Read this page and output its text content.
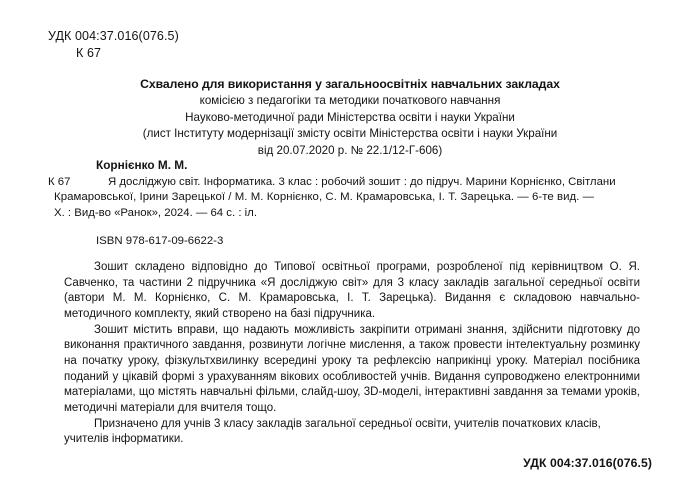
УДК 004:37.016(076.5)
К 67
Схвалено для використання у загальноосвітніх навчальних закладах
комісією з педагогіки та методики початкового навчання
Науково-методичної ради Міністерства освіти і науки України
(лист Інституту модернізації змісту освіти Міністерства освіти і науки України
від 20.07.2020 р. № 22.1/12-Г-606)
Корнієнко М. М.
К 67	Я досліджую світ. Інформатика. 3 клас : робочий зошит : до підруч. Марини Корнієнко, Світлани
Крамаровської, Ірини Зарецької / М. М. Корнієнко, С. М. Крамаровська, І. Т. Зарецька. — 6-те вид. —
Х. : Вид-во «Ранок», 2024. — 64 с. : іл.
ISBN 978-617-09-6622-3

Зошит складено відповідно до Типової освітньої програми, розробленої під керівництвом О. Я. Савченко, та частини 2 підручника «Я досліджую світ» для 3 класу закладів загальної середньої освіти (автори М. М. Корнієнко, С. М. Крамаровська, І. Т. Зарецька). Видання є складовою навчально-методичного комплекту, який створено на базі підручника.

Зошит містить вправи, що надають можливість закріпити отримані знання, здійснити підготовку до виконання практичного завдання, розвинути логічне мислення, а також провести інтелектуальну розминку на початку уроку, фізкультхвилинку всередині уроку та рефлексію наприкінці уроку. Матеріал посібника поданий у цікавій формі з урахуванням вікових особливостей учнів. Видання супроводжено електронними матеріалами, що містять навчальні фільми, слайд-шоу, 3D-моделі, інтерактивні завдання за темами уроків, методичні матеріали для вчителя тощо.

Призначено для учнів 3 класу закладів загальної середньої освіти, учителів початкових класів, учителів інформатики.

УДК 004:37.016(076.5)
